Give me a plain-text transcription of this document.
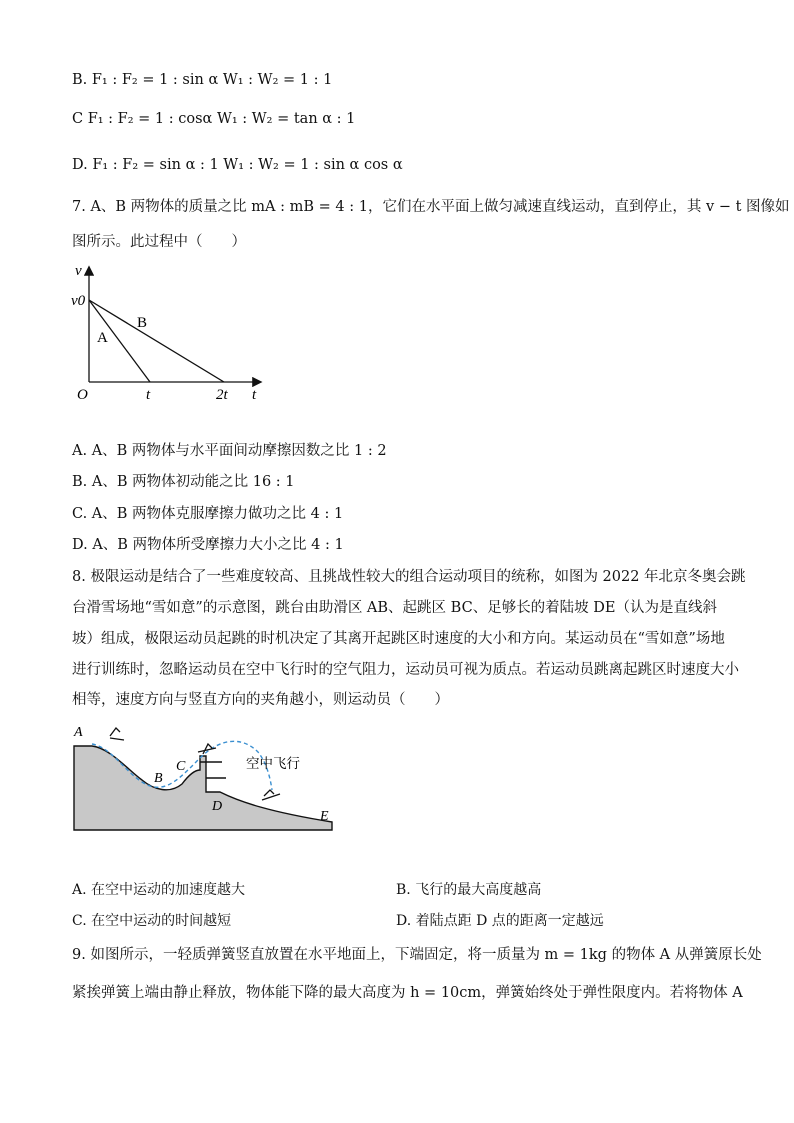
B. F₁ : F₂ = 1 : sin α W₁ : W₂ = 1 : 1
C F₁ : F₂ = 1 : cosα W₁ : W₂ = tan α : 1
D. F₁ : F₂ = sin α : 1 W₁ : W₂ = 1 : sin α cos α
7. A、B 两物体的质量之比 mA : mB = 4 : 1，它们在水平面上做匀减速直线运动，直到停止，其 v − t 图像如
图所示。此过程中（　　）
v
v0
B
A
O	t	2t t
A. A、B 两物体与水平面间动摩擦因数之比 1 : 2
B. A、B 两物体初动能之比 16 : 1
C. A、B 两物体克服摩擦力做功之比 4 : 1
D. A、B 两物体所受摩擦力大小之比 4 : 1
8. 极限运动是结合了一些难度较高、且挑战性较大的组合运动项目的统称，如图为 2022 年北京冬奥会跳
台滑雪场地“雪如意”的示意图，跳台由助滑区 AB、起跳区 BC、足够长的着陆坡 DE（认为是直线斜
坡）组成，极限运动员起跳的时机决定了其离开起跳区时速度的大小和方向。某运动员在“雪如意”场地
进行训练时，忽略运动员在空中飞行时的空气阻力，运动员可视为质点。若运动员跳离起跳区时速度大小
相等，速度方向与竖直方向的夹角越小，则运动员（　　）
A
B
C
D
E
空中飞行
A. 在空中运动的加速度越大	B. 飞行的最大高度越高
C. 在空中运动的时间越短	D. 着陆点距 D 点的距离一定越远
9. 如图所示，一轻质弹簧竖直放置在水平地面上，下端固定，将一质量为 m = 1kg 的物体 A 从弹簧原长处
紧挨弹簧上端由静止释放，物体能下降的最大高度为 h = 10cm，弹簧始终处于弹性限度内。若将物体 A
